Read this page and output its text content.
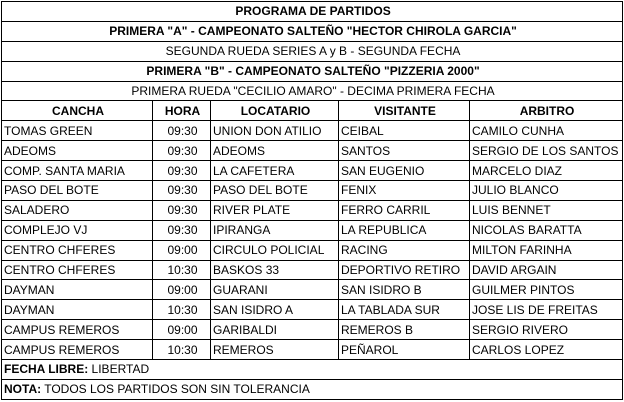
PROGRAMA DE PARTIDOS				
PRIMERA "A" - CAMPEONATO SALTEÑO "HECTOR CHIROLA GARCIA"				
SEGUNDA RUEDA SERIES A y B - SEGUNDA FECHA				
PRIMERA "B" - CAMPEONATO SALTEÑO "PIZZERIA 2000"				
PRIMERA RUEDA "CECILIO AMARO" - DECIMA PRIMERA FECHA				
CANCHA	HORA	LOCATARIO	VISITANTE	ARBITRO
TOMAS GREEN	09:30	UNION DON ATILIO	CEIBAL	CAMILO CUNHA
ADEOMS	09:30	ADEOMS	SANTOS	SERGIO DE LOS SANTOS
COMP. SANTA MARIA	09:30	LA CAFETERA	SAN EUGENIO	MARCELO DIAZ
PASO DEL BOTE	09:30	PASO DEL BOTE	FENIX	JULIO BLANCO
SALADERO	09:30	RIVER PLATE	FERRO CARRIL	LUIS BENNET
COMPLEJO VJ	09:30	IPIRANGA	LA REPUBLICA	NICOLAS BARATTA
CENTRO CHFERES	09:00	CIRCULO POLICIAL	RACING	MILTON FARINHA
CENTRO CHFERES	10:30	BASKOS 33	DEPORTIVO RETIRO	DAVID ARGAIN
DAYMAN	09:00	GUARANI	SAN ISIDRO B	GUILMER PINTOS
DAYMAN	10:30	SAN ISIDRO A	LA TABLADA SUR	JOSE LIS DE FREITAS
CAMPUS REMEROS	09:00	GARIBALDI	REMEROS B	SERGIO RIVERO
CAMPUS REMEROS	10:30	REMEROS	PEÑAROL	CARLOS LOPEZ
FECHA LIBRE: LIBERTAD				
NOTA: TODOS LOS PARTIDOS SON SIN TOLERANCIA				
